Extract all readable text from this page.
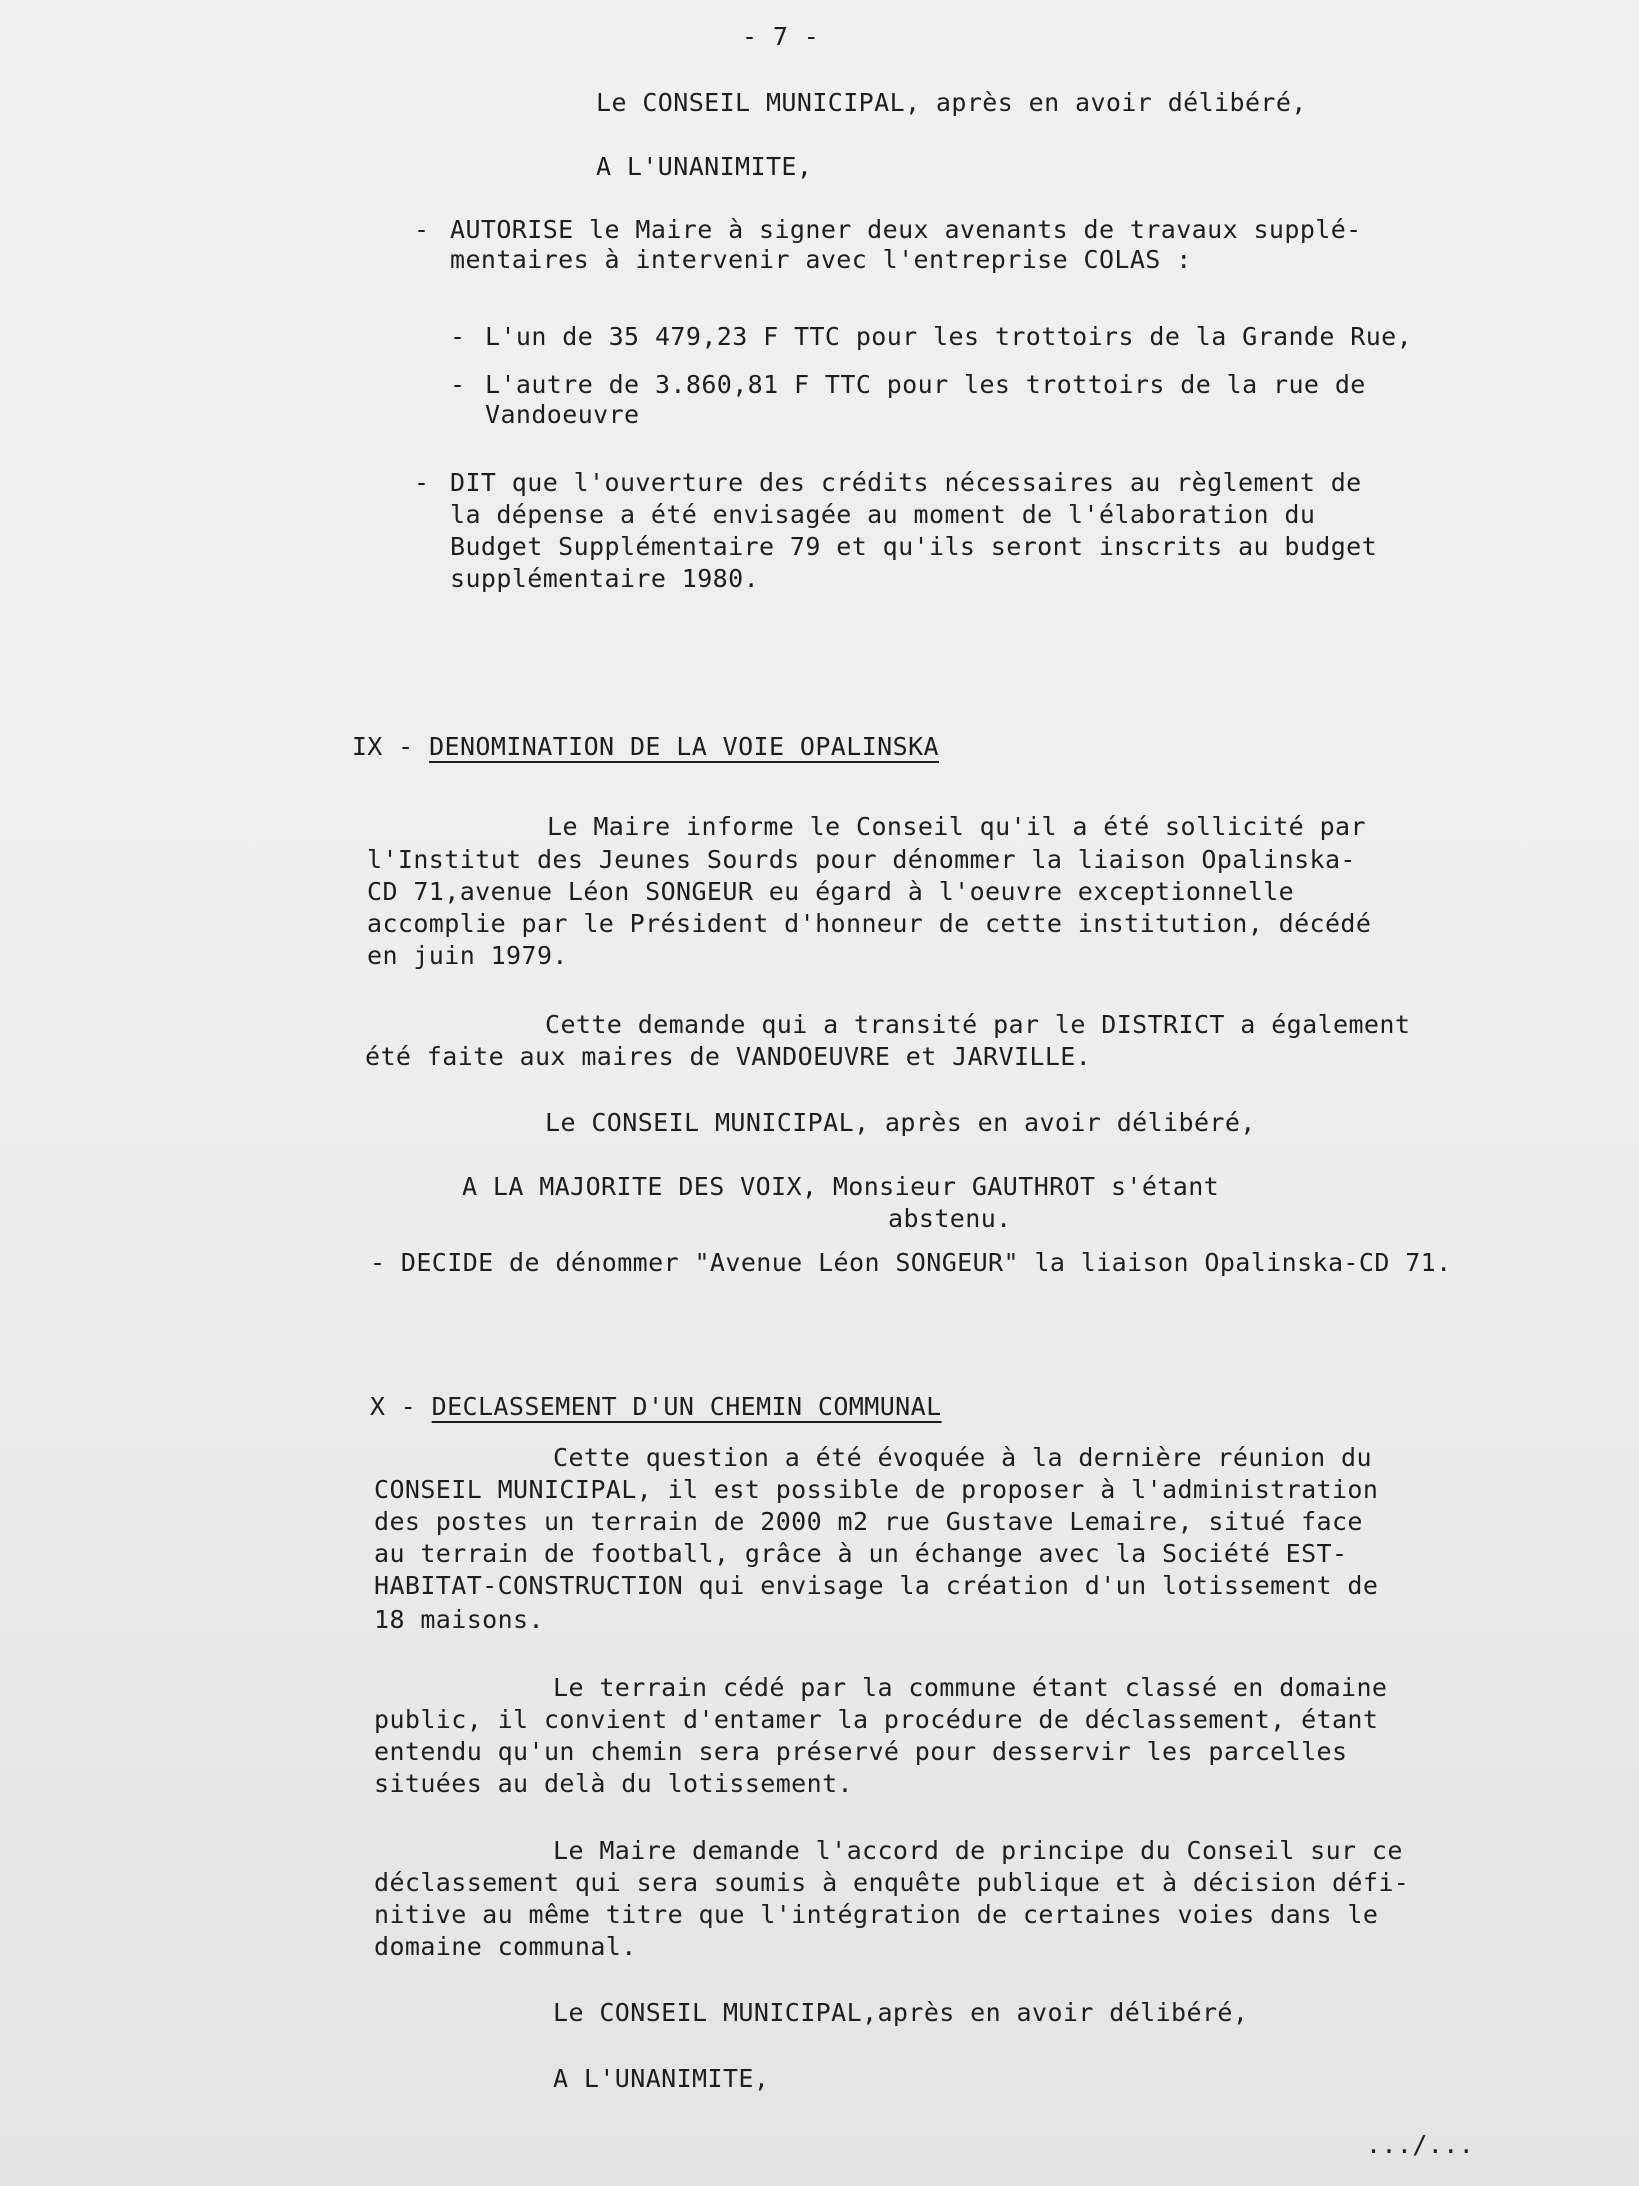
- 7 -
Le CONSEIL MUNICIPAL, après en avoir délibéré,
A L'UNANIMITE,
- AUTORISE le Maire à signer deux avenants de travaux supplé-
mentaires à intervenir avec l'entreprise COLAS :
- L'un de 35 479,23 F TTC pour les trottoirs de la Grande Rue,
- L'autre de 3.860,81 F TTC pour les trottoirs de la rue de
Vandoeuvre
- DIT que l'ouverture des crédits nécessaires au règlement de
la dépense a été envisagée au moment de l'élaboration du
Budget Supplémentaire 79 et qu'ils seront inscrits au budget
supplémentaire 1980.

IX - DENOMINATION DE LA VOIE OPALINSKA

Le Maire informe le Conseil qu'il a été sollicité par
l'Institut des Jeunes Sourds pour dénommer la liaison Opalinska-
CD 71,avenue Léon SONGEUR eu égard à l'oeuvre exceptionnelle
accomplie par le Président d'honneur de cette institution, décédé
en juin 1979.
Cette demande qui a transité par le DISTRICT a également
été faite aux maires de VANDOEUVRE et JARVILLE.
Le CONSEIL MUNICIPAL, après en avoir délibéré,
A LA MAJORITE DES VOIX, Monsieur GAUTHROT s'étant
abstenu.
- DECIDE de dénommer "Avenue Léon SONGEUR" la liaison Opalinska-CD 71.

X - DECLASSEMENT D'UN CHEMIN COMMUNAL

Cette question a été évoquée à la dernière réunion du
CONSEIL MUNICIPAL, il est possible de proposer à l'administration
des postes un terrain de 2000 m2 rue Gustave Lemaire, situé face
au terrain de football, grâce à un échange avec la Société EST-
HABITAT-CONSTRUCTION qui envisage la création d'un lotissement de
18 maisons.
Le terrain cédé par la commune étant classé en domaine
public, il convient d'entamer la procédure de déclassement, étant
entendu qu'un chemin sera préservé pour desservir les parcelles
situées au delà du lotissement.
Le Maire demande l'accord de principe du Conseil sur ce
déclassement qui sera soumis à enquête publique et à décision défi-
nitive au même titre que l'intégration de certaines voies dans le
domaine communal.
Le CONSEIL MUNICIPAL,après en avoir délibéré,
A L'UNANIMITE,
.../...
